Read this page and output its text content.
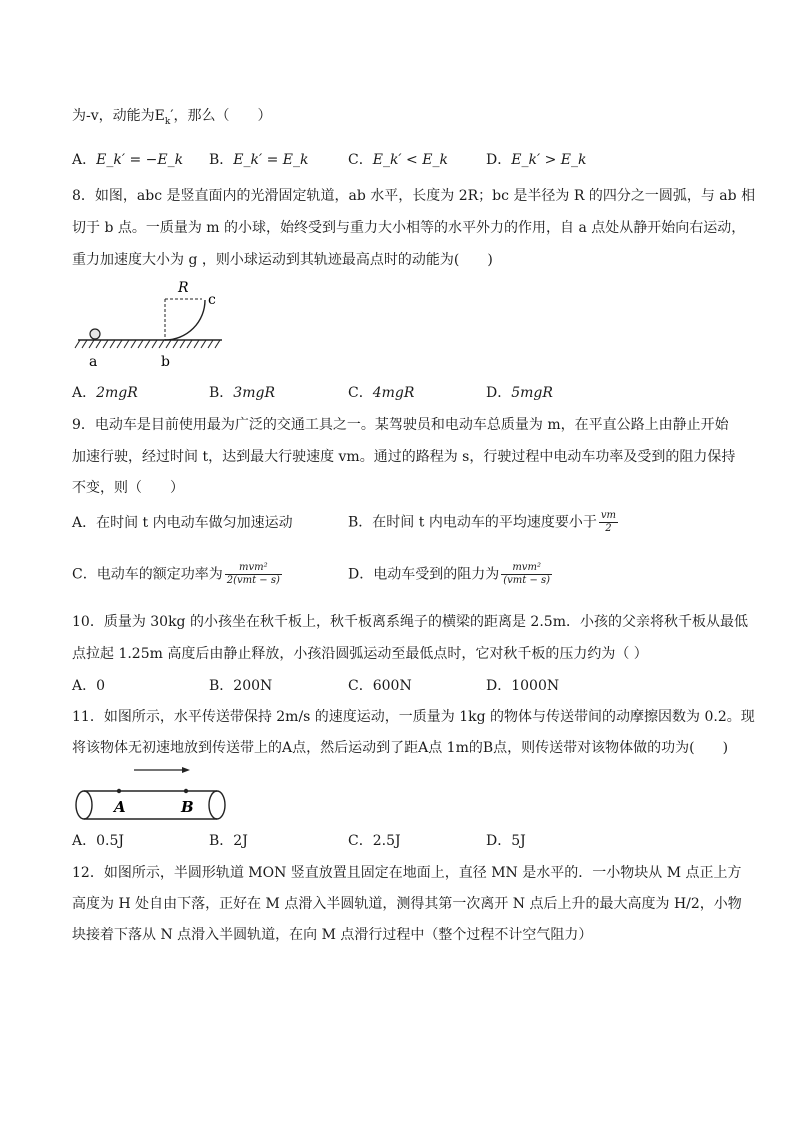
为-v，动能为$E_k'$，那么（　　）
A．E_k′ = −E_k B．E_k′ = E_k	C．E_k′ < E_k	D．E_k′ > E_k
8．如图，abc 是竖直面内的光滑固定轨道，ab 水平，长度为 2R；bc 是半径为 R 的四分之一圆弧，与 ab 相
切于 b 点。一质量为 m 的小球，始终受到与重力大小相等的水平外力的作用，自 a 点处从静开始向右运动，
重力加速度大小为 g ，则小球运动到其轨迹最高点时的动能为(　　)
R
c
a	b
A．2mgR	B．3mgR	C．4mgR	D．5mgR
9．电动车是目前使用最为广泛的交通工具之一。某驾驶员和电动车总质量为 m，在平直公路上由静止开始
加速行驶，经过时间 t，达到最大行驶速度 vm。通过的路程为 s，行驶过程中电动车功率及受到的阻力保持
不变，则（　　）
A．在时间 t 内电动车做匀加速运动	B．在时间 t 内电动车的平均速度要小于 $\frac{vm}{2}$
C．电动车的额定功率为 $\frac{\text{mvm²}}{\text{2(vmt − s)}}$	D．电动车受到的阻力为 $\frac{\text{mvm²}}{\text{(vmt − s)}}$
10．质量为 30kg 的小孩坐在秋千板上，秋千板离系绳子的横梁的距离是 2.5m．小孩的父亲将秋千板从最低
点拉起 1.25m 高度后由静止释放，小孩沿圆弧运动至最低点时，它对秋千板的压力约为（ ）
A．0	B．200N	C．600N	D．1000N
11．如图所示，水平传送带保持 2m/s 的速度运动，一质量为 1kg 的物体与传送带间的动摩擦因数为 0.2。现
将该物体无初速地放到传送带上的A点，然后运动到了距A点 1m的B点，则传送带对该物体做的功为(　　)
A	B
A．0.5J	B．2J	C．2.5J	D．5J
12．如图所示，半圆形轨道 MON 竖直放置且固定在地面上，直径 MN 是水平的．一小物块从 M 点正上方
高度为 H 处自由下落，正好在 M 点滑入半圆轨道，测得其第一次离开 N 点后上升的最大高度为 H/2，小物
块接着下落从 N 点滑入半圆轨道，在向 M 点滑行过程中（整个过程不计空气阻力）
